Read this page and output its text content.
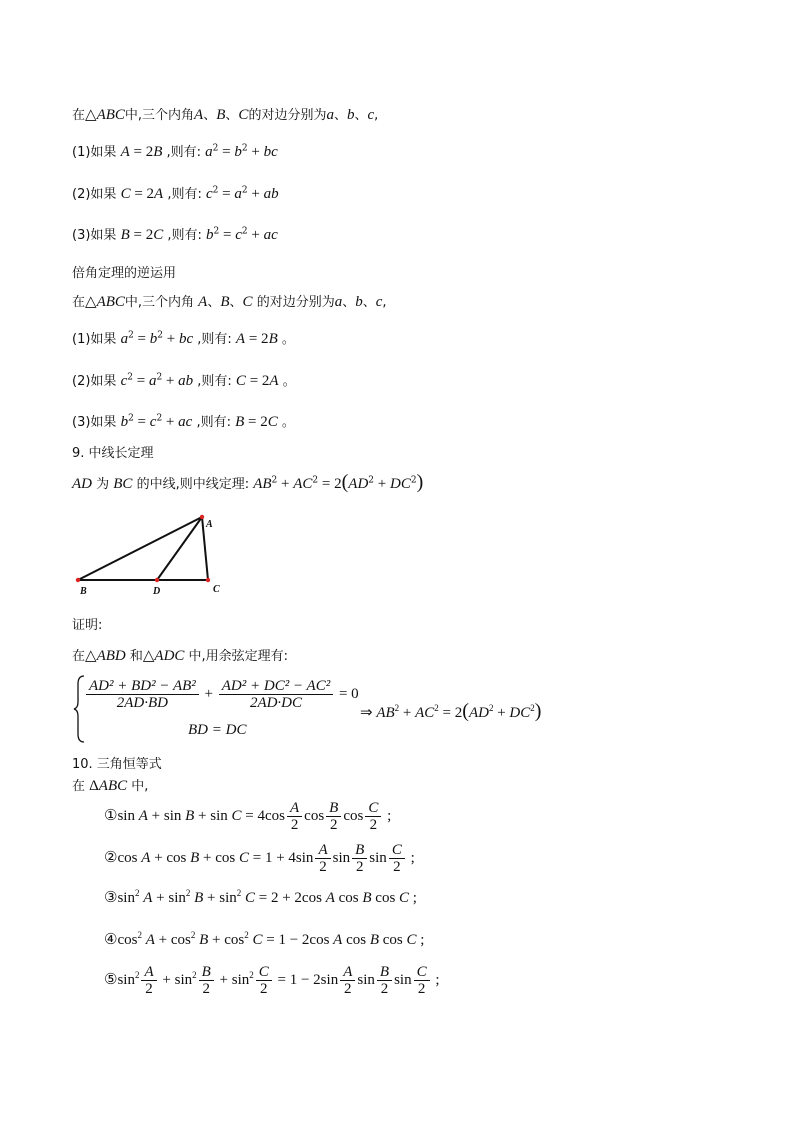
在△ABC中,三个内角A、B、C的对边分别为a、b、c,
(1)如果 A = 2B ,则有: $a^2 = b^2$ + bc
(2)如果 C = 2A ,则有: $c^2 = a^2$ + ab
(3)如果 B = 2C ,则有: $b^2 = c^2$ + ac
倍角定理的逆运用
在△ABC中,三个内角 A、B、C 的对边分别为a、b、c,
(1)如果 $a^2 = b^2$ + bc ,则有: A = 2B 。
(2)如果 $c^2 = a^2$ + ab ,则有: C = 2A 。
(3)如果 $b^2 = c^2$ + ac ,则有: B = 2C 。
9. 中线长定理
AD 为 BC 的中线,则中线定理: $AB^2 + AC^2 = 2(AD^2 + DC^2)$
A
B	D	C
证明:
在△ABD 和△ADC 中,用余弦定理有:
$\frac{\text{AD² + BD² − AB²}}{2AD\cdot BD} + \frac{\text{AD² + DC² − AC²}}{2AD\cdot DC} = 0$
BD = DC
⇒ $AB^2 + AC^2 = 2(AD^2 + DC^2)$
10. 三角恒等式
在 ΔABC 中,
①sin $A + \sin B + \sin C = 4\cos \frac{A}{2}$ $\cos \frac{B}{2}$ $\cos \frac{C}{2}$ ;
②cos $A + \cos B + \cos C = 1 + 4\sin \frac{A}{2}$ $\sin \frac{B}{2}$ $\sin \frac{C}{2}$ ;
$③\sin^2$ $A + \sin^2 B + \sin^2 C = 2 + 2\cos$ A cos B cos C ;
$④\cos^2$ $A + \cos^2 B + \cos^2 C = 1 - 2\cos$ A cos B cos C ;
$⑤\sin^2 \frac{A}{2} + \sin^2 \frac{B}{2} + \sin^2 \frac{C}{2} = 1 - 2\sin \frac{A}{2}$ $\sin \frac{B}{2}$ $\sin \frac{C}{2}$ ;
